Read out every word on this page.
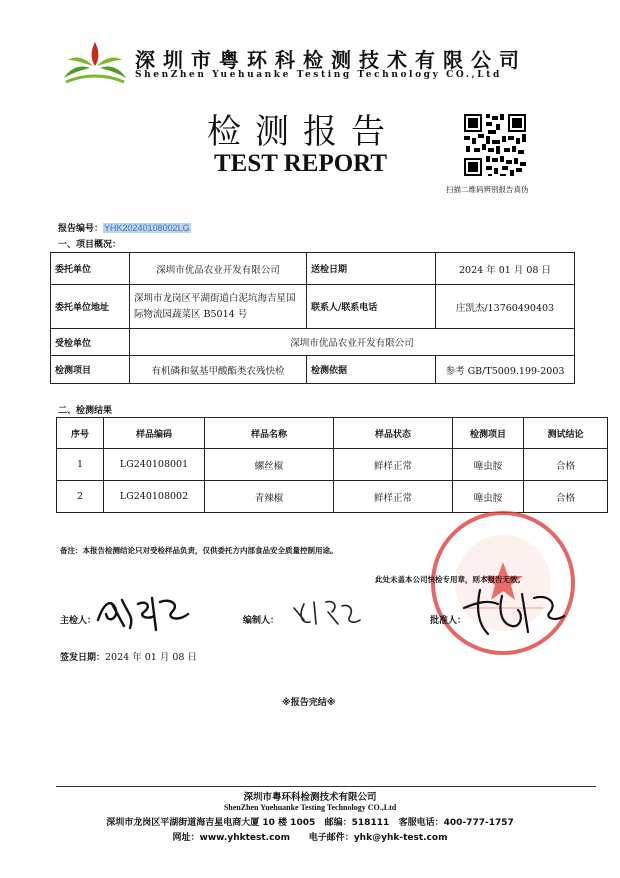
深圳市粤环科检测技术有限公司
ShenZhen Yuehuanke Testing Technology CO.,Ltd
检测报告
TEST REPORT
扫描二维码辨别报告真伪
报告编号：YHK20240108002LG
一、项目概况：
委托单位	深圳市优品农业开发有限公司	送检日期	2024 年 01 月 08 日
委托单位地址	深圳市龙岗区平湖街道白泥坑海吉星国际物流园蔬菜区 B5014 号	联系人/联系电话	庄凯杰/13760490403
受检单位	深圳市优品农业开发有限公司		
检测项目	有机磷和氨基甲酸酯类农残快检	检测依据	参考 GB/T5009.199-2003
二、检测结果
序号	样品编码	样品名称	样品状态	检测项目	测试结论
1	LG240108001	螺丝椒	鲜样正常	噻虫胺	合格
2	LG240108002	青辣椒	鲜样正常	噻虫胺	合格
备注：本报告检测结论只对受检样品负责，仅供委托方内部食品安全质量控制用途。
此处未盖本公司快检专用章，则本报告无效。
主检人：	编制人：	批准人：
签发日期：2024 年 01 月 08 日
※报告完结※
深圳市粤环科检测技术有限公司
ShenZhen Yuehuanke Testing Technology CO.,Ltd
深圳市龙岗区平湖街道海吉星电商大厦 10 楼 1005 邮编：518111 客服电话：400-777-1757
网址：www.yhktest.com 电子邮件：yhk@yhk-test.com
